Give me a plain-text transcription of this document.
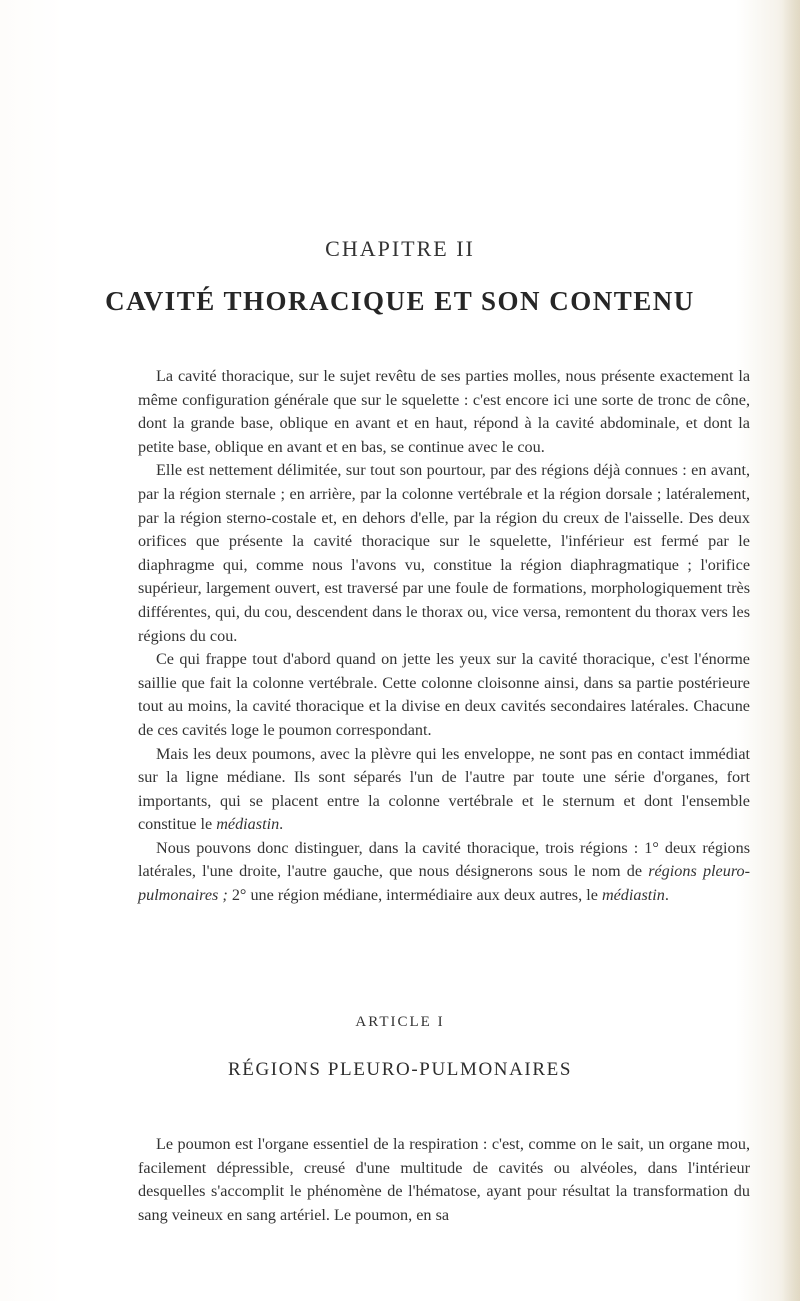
CHAPITRE II
CAVITÉ THORACIQUE ET SON CONTENU

La cavité thoracique, sur le sujet revêtu de ses parties molles, nous présente exactement la même configuration générale que sur le squelette : c'est encore ici une sorte de tronc de cône, dont la grande base, oblique en avant et en haut, répond à la cavité abdominale, et dont la petite base, oblique en avant et en bas, se continue avec le cou.

Elle est nettement délimitée, sur tout son pourtour, par des régions déjà connues : en avant, par la région sternale ; en arrière, par la colonne vertébrale et la région dorsale ; latéralement, par la région sterno-costale et, en dehors d'elle, par la région du creux de l'aisselle. Des deux orifices que présente la cavité thoracique sur le squelette, l'inférieur est fermé par le diaphragme qui, comme nous l'avons vu, constitue la région diaphragmatique ; l'orifice supérieur, largement ouvert, est traversé par une foule de formations, morphologiquement très différentes, qui, du cou, descendent dans le thorax ou, vice versa, remontent du thorax vers les régions du cou.

Ce qui frappe tout d'abord quand on jette les yeux sur la cavité thoracique, c'est l'énorme saillie que fait la colonne vertébrale. Cette colonne cloisonne ainsi, dans sa partie postérieure tout au moins, la cavité thoracique et la divise en deux cavités secondaires latérales. Chacune de ces cavités loge le poumon correspondant.

Mais les deux poumons, avec la plèvre qui les enveloppe, ne sont pas en contact immédiat sur la ligne médiane. Ils sont séparés l'un de l'autre par toute une série d'organes, fort importants, qui se placent entre la colonne vertébrale et le sternum et dont l'ensemble constitue le médiastin.

Nous pouvons donc distinguer, dans la cavité thoracique, trois régions : 1° deux régions latérales, l'une droite, l'autre gauche, que nous désignerons sous le nom de régions pleuro-pulmonaires ; 2° une région médiane, intermédiaire aux deux autres, le médiastin.

ARTICLE I
RÉGIONS PLEURO-PULMONAIRES

Le poumon est l'organe essentiel de la respiration : c'est, comme on le sait, un organe mou, facilement dépressible, creusé d'une multitude de cavités ou alvéoles, dans l'intérieur desquelles s'accomplit le phénomène de l'hématose, ayant pour résultat la transformation du sang veineux en sang artériel. Le poumon, en sa
